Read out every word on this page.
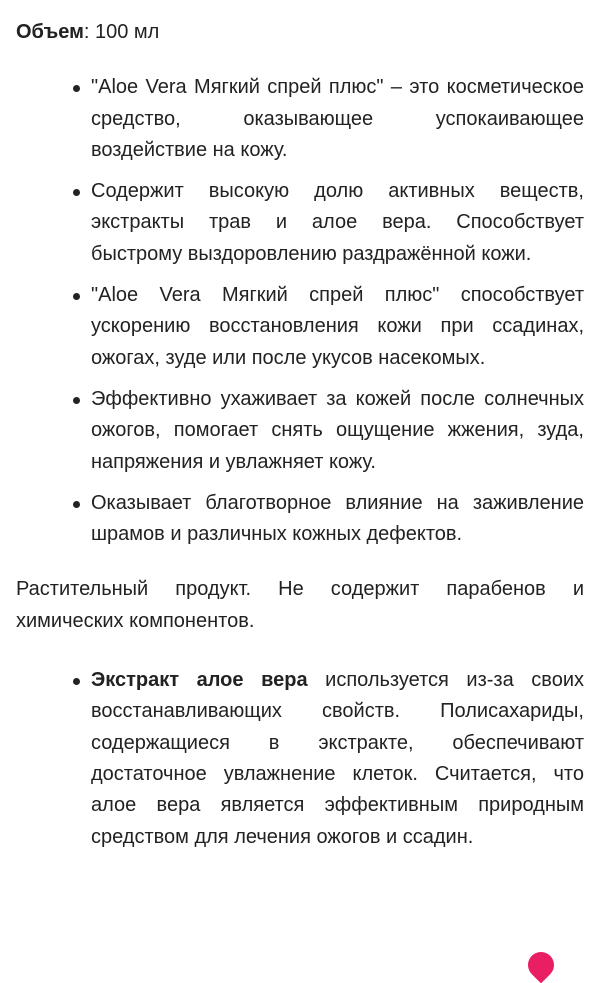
Объем: 100 мл

"Aloe Vera Мягкий спрей плюс" – это косметическое средство, оказывающее успокаивающее воздействие на кожу.
Содержит высокую долю активных веществ, экстракты трав и алое вера. Способствует быстрому выздоровлению раздражённой кожи.
"Aloe Vera Мягкий спрей плюс" способствует ускорению восстановления кожи при ссадинах, ожогах, зуде или после укусов насекомых.
Эффективно ухаживает за кожей после солнечных ожогов, помогает снять ощущение жжения, зуда, напряжения и увлажняет кожу.
Оказывает благотворное влияние на заживление шрамов и различных кожных дефектов.

Растительный продукт. Не содержит парабенов и химических компонентов.

Экстракт алое вера используется из-за своих восстанавливающих свойств. Полисахариды, содержащиеся в экстракте, обеспечивают достаточное увлажнение клеток. Считается, что алое вера является эффективным природным средством для лечения ожогов и ссадин.
